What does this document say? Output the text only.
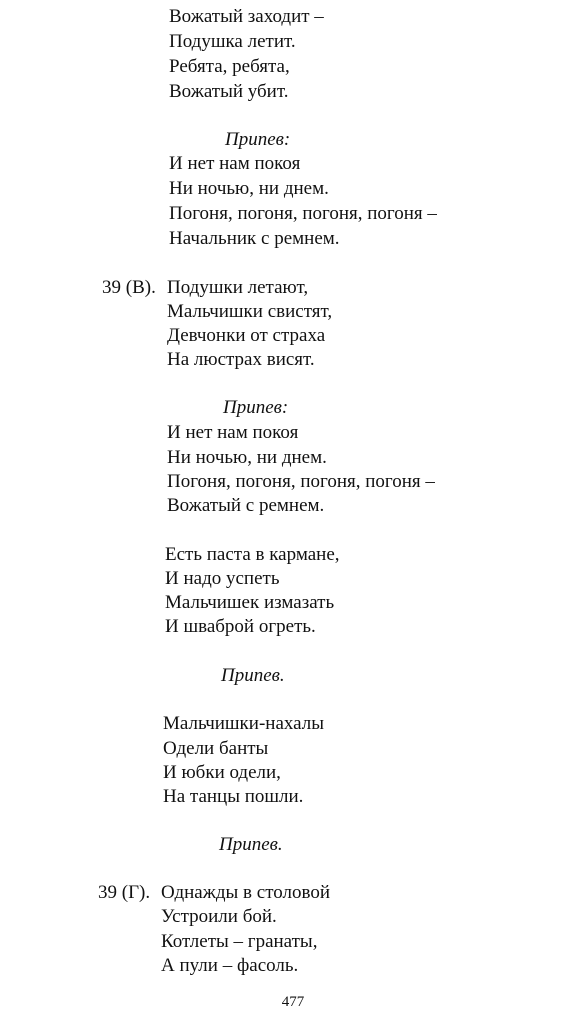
Вожатый заходит –
Подушка летит.
Ребята, ребята,
Вожатый убит.
Припев:
И нет нам покоя
Ни ночью, ни днем.
Погоня, погоня, погоня, погоня –
Начальник с ремнем.
39 (В). Подушки летают,
Мальчишки свистят,
Девчонки от страха
На люстрах висят.
Припев:
И нет нам покоя
Ни ночью, ни днем.
Погоня, погоня, погоня, погоня –
Вожатый с ремнем.
Есть паста в кармане,
И надо успеть
Мальчишек измазать
И шваброй огреть.
Припев.
Мальчишки-нахалы
Одели банты
И юбки одели,
На танцы пошли.
Припев.
39 (Г). Однажды в столовой
Устроили бой.
Котлеты – гранаты,
А пули – фасоль.
477
